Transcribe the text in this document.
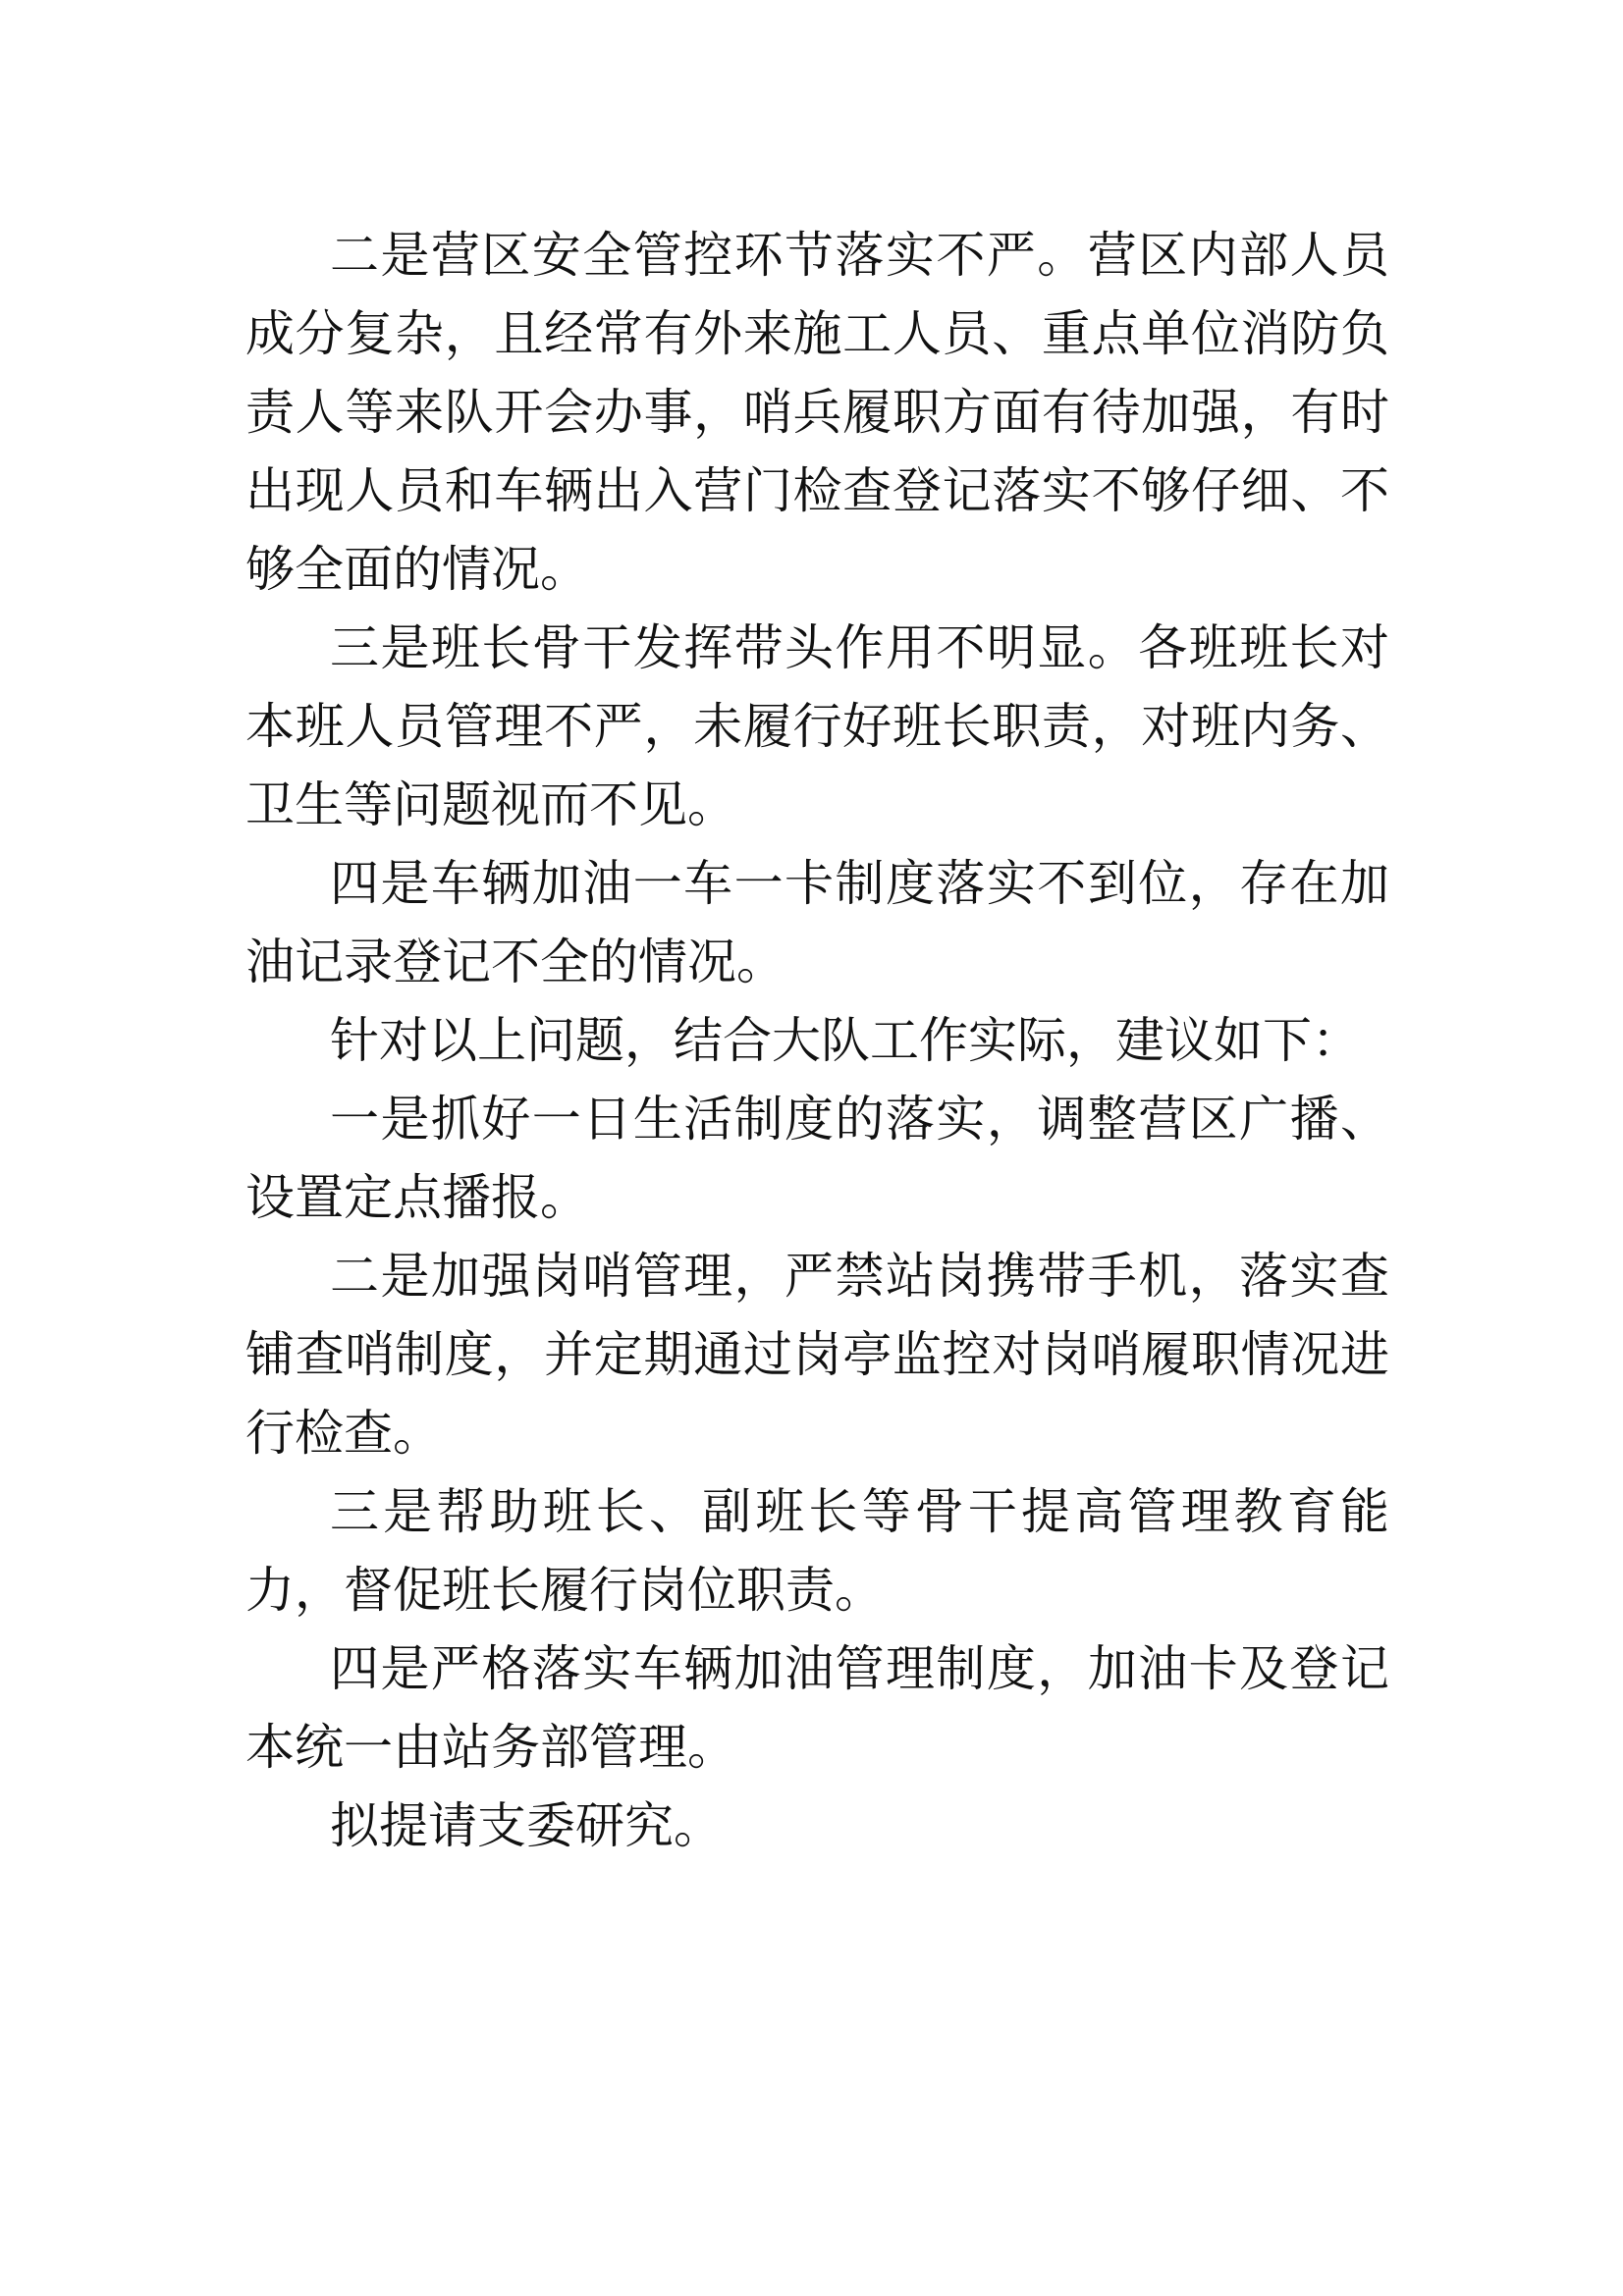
二是营区安全管控环节落实不严。营区内部人员成分复杂，且经常有外来施工人员、重点单位消防负责人等来队开会办事，哨兵履职方面有待加强，有时出现人员和车辆出入营门检查登记落实不够仔细、不够全面的情况。

三是班长骨干发挥带头作用不明显。各班班长对本班人员管理不严，未履行好班长职责，对班内务、卫生等问题视而不见。

四是车辆加油一车一卡制度落实不到位，存在加油记录登记不全的情况。

针对以上问题，结合大队工作实际，建议如下：

一是抓好一日生活制度的落实，调整营区广播、设置定点播报。

二是加强岗哨管理，严禁站岗携带手机，落实查铺查哨制度，并定期通过岗亭监控对岗哨履职情况进行检查。

三是帮助班长、副班长等骨干提高管理教育能力，督促班长履行岗位职责。

四是严格落实车辆加油管理制度，加油卡及登记本统一由站务部管理。

拟提请支委研究。
